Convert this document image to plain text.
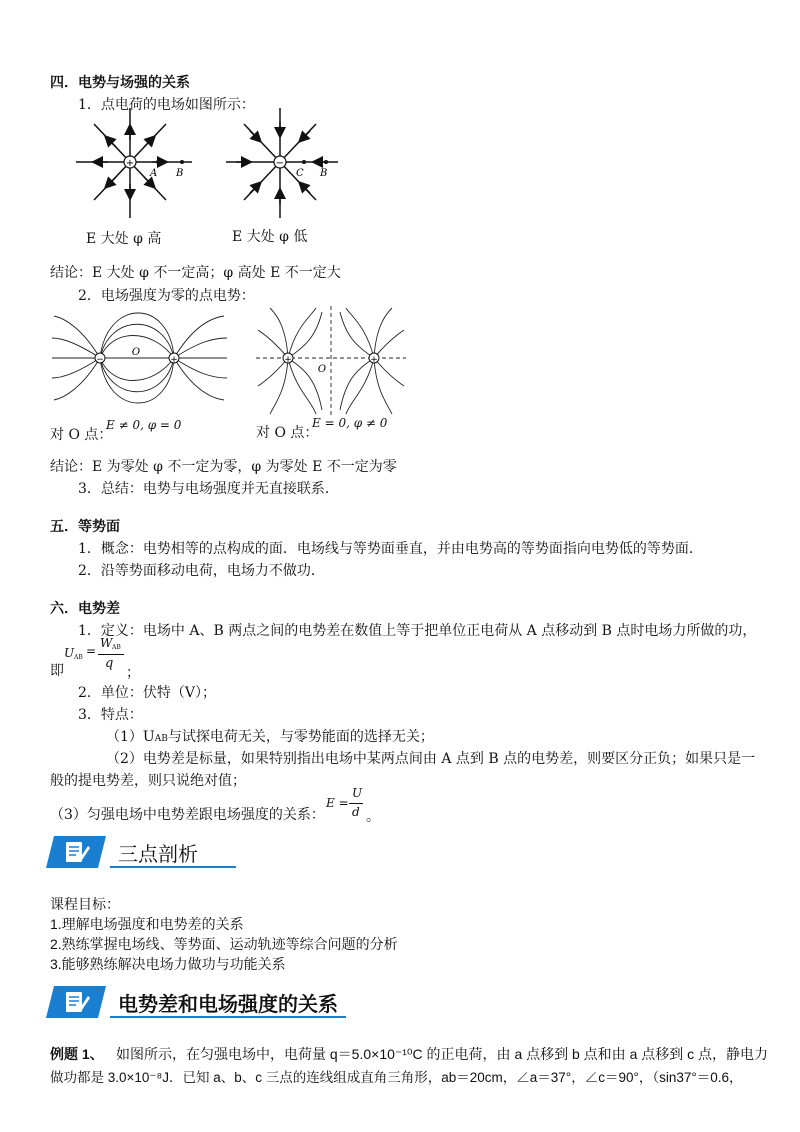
四．电势与场强的关系
1．点电荷的电场如图所示：
+
A B
−
C B
E 大处 φ 高	E 大处 φ 低
结论：E 大处 φ 不一定高；φ 高处 E 不一定大
2．电场强度为零的点电势：
−	+
O
+	+
O
对 O 点：
E ≠ 0, φ = 0	对 O 点：
E = 0, φ ≠ 0
结论：E 为零处 φ 不一定为零，φ 为零处 E 不一定为零
3．总结：电势与电场强度并无直接联系．
五．等势面
1．概念：电势相等的点构成的面．电场线与等势面垂直，并由电势高的等势面指向电势低的等势面．
2．沿等势面移动电荷，电场力不做功．
六．电势差
1．定义：电场中 A、B 两点之间的电势差在数值上等于把单位正电荷从 A 点移动到 B 点时电场力所做的功，
即
U AB =
W AB
q
；
2．单位：伏特（V）；
3．特点：
（1）UAB与试探电荷无关，与零势能面的选择无关；
（2）电势差是标量，如果特别指出电场中某两点间由 A 点到 B 点的电势差，则要区分正负；如果只是一
般的提电势差，则只说绝对值；
（3）匀强电场中电势差跟电场强度的关系：
E =
U
d 。
三点剖析
课程目标：
1.理解电场强度和电势差的关系
2.熟练掌握电场线、等势面、运动轨迹等综合问题的分析
3.能够熟练解决电场力做功与功能关系
电势差和电场强度的关系
例题 1、 如图所示，在匀强电场中，电荷量 q＝5.0×10⁻¹⁰C 的正电荷，由 a 点移到 b 点和由 a 点移到 c 点，静电力
做功都是 3.0×10⁻⁸J．已知 a、b、c 三点的连线组成直角三角形，ab＝20cm，∠a＝37°，∠c＝90°，（sin37°＝0.6，
